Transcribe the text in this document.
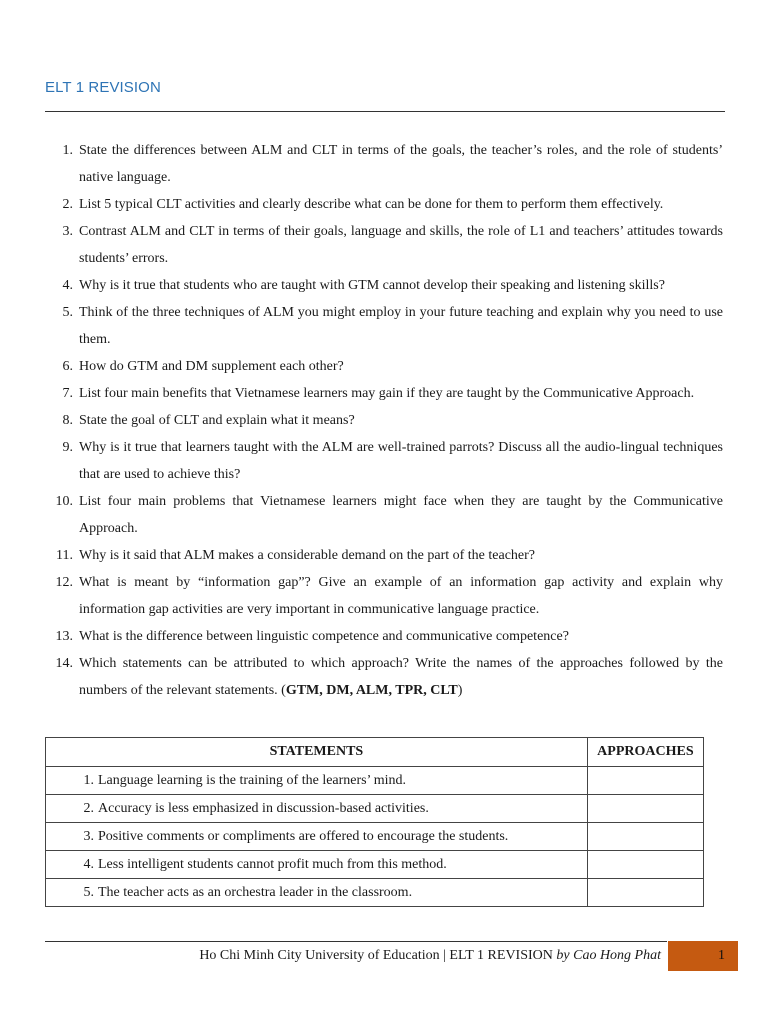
ELT 1 REVISION
1. State the differences between ALM and CLT in terms of the goals, the teacher’s roles, and the role of students’ native language.
2. List 5 typical CLT activities and clearly describe what can be done for them to perform them effectively.
3. Contrast ALM and CLT in terms of their goals, language and skills, the role of L1 and teachers’ attitudes towards students’ errors.
4. Why is it true that students who are taught with GTM cannot develop their speaking and listening skills?
5. Think of the three techniques of ALM you might employ in your future teaching and explain why you need to use them.
6. How do GTM and DM supplement each other?
7. List four main benefits that Vietnamese learners may gain if they are taught by the Communicative Approach.
8. State the goal of CLT and explain what it means?
9. Why is it true that learners taught with the ALM are well-trained parrots? Discuss all the audio-lingual techniques that are used to achieve this?
10. List four main problems that Vietnamese learners might face when they are taught by the Communicative Approach.
11. Why is it said that ALM makes a considerable demand on the part of the teacher?
12. What is meant by “information gap”? Give an example of an information gap activity and explain why information gap activities are very important in communicative language practice.
13. What is the difference between linguistic competence and communicative competence?
14. Which statements can be attributed to which approach? Write the names of the approaches followed by the numbers of the relevant statements. (GTM, DM, ALM, TPR, CLT)
STATEMENTS	APPROACHES
1. Language learning is the training of the learners’ mind.	
2. Accuracy is less emphasized in discussion-based activities.	
3. Positive comments or compliments are offered to encourage the students.	
4. Less intelligent students cannot profit much from this method.	
5. The teacher acts as an orchestra leader in the classroom.	
Ho Chi Minh City University of Education | ELT 1 REVISION by Cao Hong Phat	1
